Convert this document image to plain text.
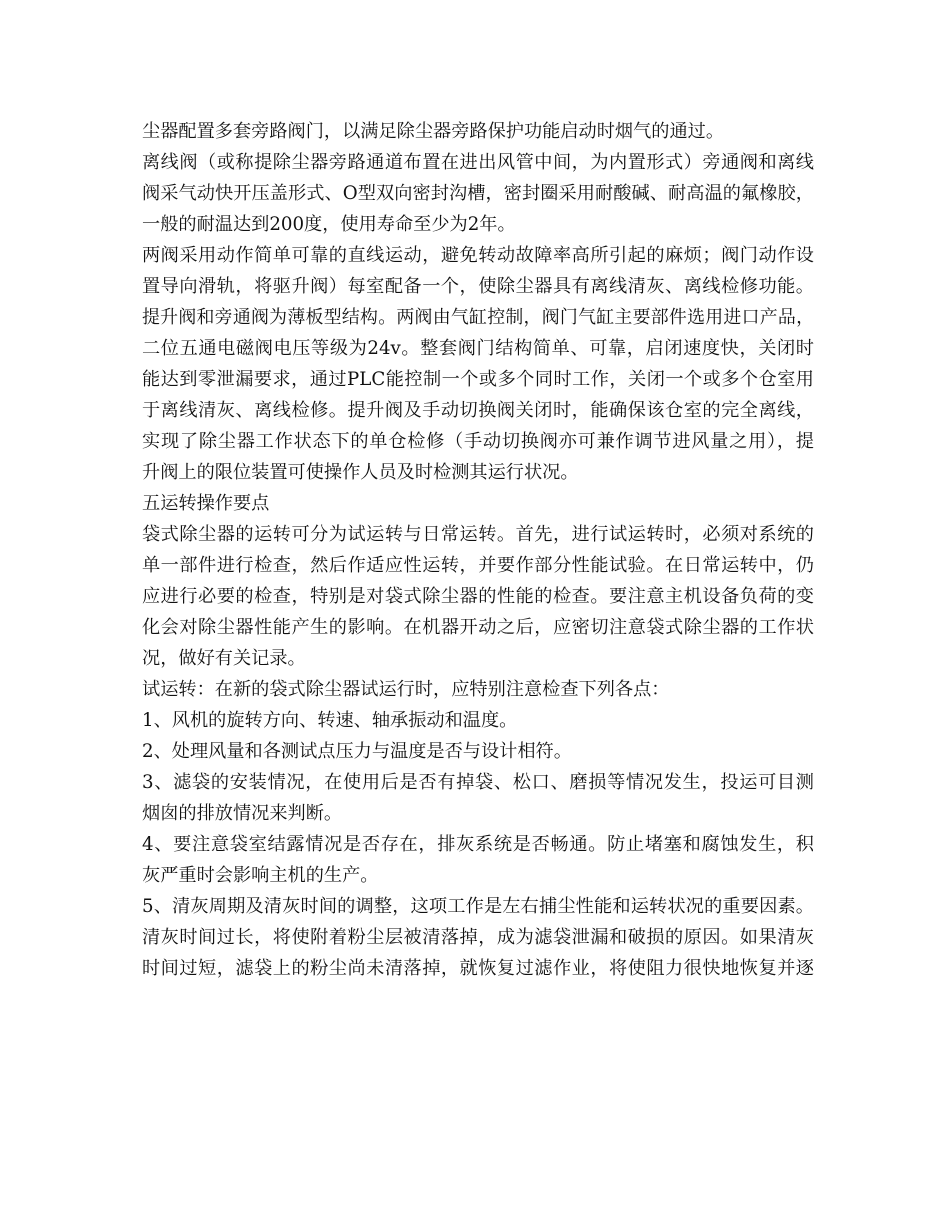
尘器配置多套旁路阀门，以满足除尘器旁路保护功能启动时烟气的通过。
离线阀（或称提除尘器旁路通道布置在进出风管中间，为内置形式）旁通阀和离线
阀采气动快开压盖形式、O型双向密封沟槽，密封圈采用耐酸碱、耐高温的氟橡胶，
一般的耐温达到200度，使用寿命至少为2年。
两阀采用动作简单可靠的直线运动，避免转动故障率高所引起的麻烦；阀门动作设
置导向滑轨，将驱升阀）每室配备一个，使除尘器具有离线清灰、离线检修功能。
提升阀和旁通阀为薄板型结构。两阀由气缸控制，阀门气缸主要部件选用进口产品，
二位五通电磁阀电压等级为24v。整套阀门结构简单、可靠，启闭速度快，关闭时
能达到零泄漏要求，通过PLC能控制一个或多个同时工作，关闭一个或多个仓室用
于离线清灰、离线检修。提升阀及手动切换阀关闭时，能确保该仓室的完全离线，
实现了除尘器工作状态下的单仓检修（手动切换阀亦可兼作调节进风量之用），提
升阀上的限位装置可使操作人员及时检测其运行状况。
五运转操作要点
袋式除尘器的运转可分为试运转与日常运转。首先，进行试运转时，必须对系统的
单一部件进行检查，然后作适应性运转，并要作部分性能试验。在日常运转中，仍
应进行必要的检查，特别是对袋式除尘器的性能的检查。要注意主机设备负荷的变
化会对除尘器性能产生的影响。在机器开动之后，应密切注意袋式除尘器的工作状
况，做好有关记录。
试运转：在新的袋式除尘器试运行时，应特别注意检查下列各点：
1、风机的旋转方向、转速、轴承振动和温度。
2、处理风量和各测试点压力与温度是否与设计相符。
3、滤袋的安装情况，在使用后是否有掉袋、松口、磨损等情况发生，投运可目测
烟囱的排放情况来判断。
4、要注意袋室结露情况是否存在，排灰系统是否畅通。防止堵塞和腐蚀发生，积
灰严重时会影响主机的生产。
5、清灰周期及清灰时间的调整，这项工作是左右捕尘性能和运转状况的重要因素。
清灰时间过长，将使附着粉尘层被清落掉，成为滤袋泄漏和破损的原因。如果清灰
时间过短，滤袋上的粉尘尚未清落掉，就恢复过滤作业，将使阻力很快地恢复并逐
